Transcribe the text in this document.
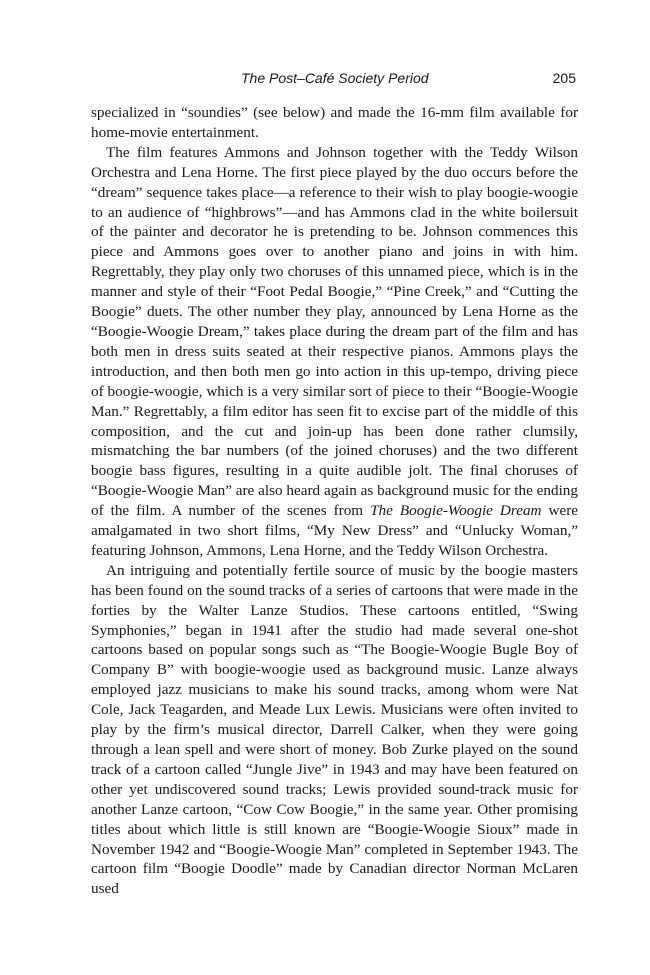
The Post–Café Society Period	205

specialized in “soundies” (see below) and made the 16-mm film available for home-movie entertainment.

The film features Ammons and Johnson together with the Teddy Wilson Orchestra and Lena Horne. The first piece played by the duo occurs before the “dream” sequence takes place—a reference to their wish to play boogie-woogie to an audience of “highbrows”—and has Ammons clad in the white boilersuit of the painter and decorator he is pretending to be. Johnson commences this piece and Ammons goes over to another piano and joins in with him. Regrettably, they play only two choruses of this unnamed piece, which is in the manner and style of their “Foot Pedal Boogie,” “Pine Creek,” and “Cutting the Boogie” duets. The other number they play, announced by Lena Horne as the “Boogie-Woogie Dream,” takes place during the dream part of the film and has both men in dress suits seated at their respective pianos. Ammons plays the introduction, and then both men go into action in this up-tempo, driving piece of boogie-woogie, which is a very similar sort of piece to their “Boogie-Woogie Man.” Regrettably, a film editor has seen fit to excise part of the middle of this composition, and the cut and join-up has been done rather clumsily, mismatching the bar numbers (of the joined choruses) and the two different boogie bass figures, resulting in a quite audible jolt. The final choruses of “Boogie-Woogie Man” are also heard again as background music for the ending of the film. A number of the scenes from The Boogie-Woogie Dream were amalgamated in two short films, “My New Dress” and “Unlucky Woman,” featuring Johnson, Ammons, Lena Horne, and the Teddy Wilson Orchestra.

An intriguing and potentially fertile source of music by the boogie masters has been found on the sound tracks of a series of cartoons that were made in the forties by the Walter Lanze Studios. These cartoons entitled, “Swing Symphonies,” began in 1941 after the studio had made several one-shot cartoons based on popular songs such as “The Boogie-Woogie Bugle Boy of Company B” with boogie-woogie used as background music. Lanze always employed jazz musicians to make his sound tracks, among whom were Nat Cole, Jack Teagarden, and Meade Lux Lewis. Musicians were often invited to play by the firm’s musical director, Darrell Calker, when they were going through a lean spell and were short of money. Bob Zurke played on the sound track of a cartoon called “Jungle Jive” in 1943 and may have been featured on other yet undiscovered sound tracks; Lewis provided sound-track music for another Lanze cartoon, “Cow Cow Boogie,” in the same year. Other promising titles about which little is still known are “Boogie-Woogie Sioux” made in November 1942 and “Boogie-Woogie Man” completed in September 1943. The cartoon film “Boogie Doodle” made by Canadian director Norman McLaren used
